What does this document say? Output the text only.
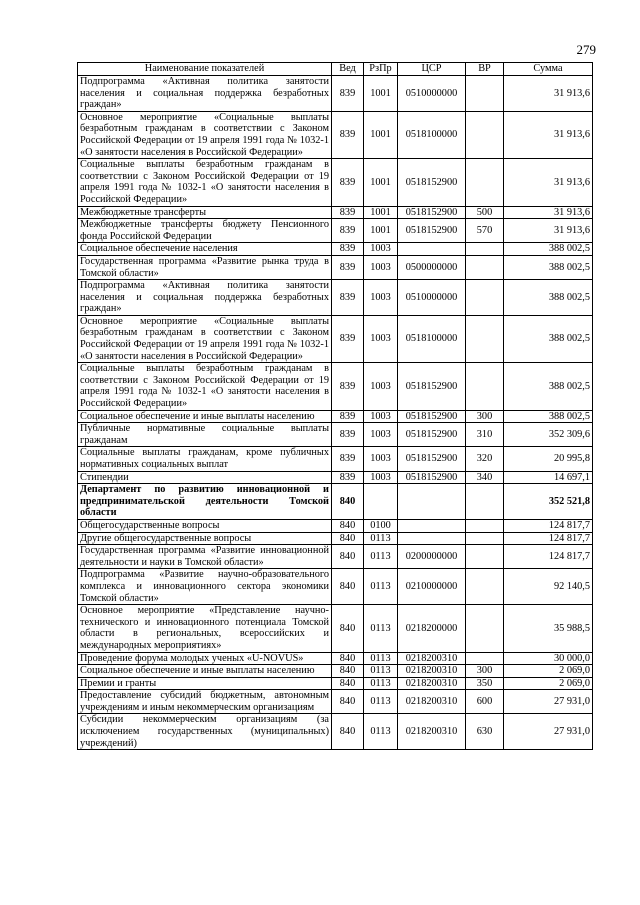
279
Наименование показателей	Вед	РзПр	ЦСР	ВР	Сумма
Подпрограмма «Активная политика занятости населения и социальная поддержка безработных граждан»	839	1001	0510000000		31 913,6
Основное мероприятие «Социальные выплаты безработным гражданам в соответствии с Законом Российской Федерации от 19 апреля 1991 года № 1032-1 «О занятости населения в Российской Федерации»	839	1001	0518100000		31 913,6
Социальные выплаты безработным гражданам в соответствии с Законом Российской Федерации от 19 апреля 1991 года № 1032-1 «О занятости населения в Российской Федерации»	839	1001	0518152900		31 913,6
Межбюджетные трансферты	839	1001	0518152900	500	31 913,6
Межбюджетные трансферты бюджету Пенсионного фонда Российской Федерации	839	1001	0518152900	570	31 913,6
Социальное обеспечение населения	839	1003			388 002,5
Государственная программа «Развитие рынка труда в Томской области»	839	1003	0500000000		388 002,5
Подпрограмма «Активная политика занятости населения и социальная поддержка безработных граждан»	839	1003	0510000000		388 002,5
Основное мероприятие «Социальные выплаты безработным гражданам в соответствии с Законом Российской Федерации от 19 апреля 1991 года № 1032-1 «О занятости населения в Российской Федерации»	839	1003	0518100000		388 002,5
Социальные выплаты безработным гражданам в соответствии с Законом Российской Федерации от 19 апреля 1991 года № 1032-1 «О занятости населения в Российской Федерации»	839	1003	0518152900		388 002,5
Социальное обеспечение и иные выплаты населению	839	1003	0518152900	300	388 002,5
Публичные нормативные социальные выплаты гражданам	839	1003	0518152900	310	352 309,6
Социальные выплаты гражданам, кроме публичных нормативных социальных выплат	839	1003	0518152900	320	20 995,8
Стипендии	839	1003	0518152900	340	14 697,1
Департамент по развитию инновационной и предпринимательской деятельности Томской области	840				352 521,8
Общегосударственные вопросы	840	0100			124 817,7
Другие общегосударственные вопросы	840	0113			124 817,7
Государственная программа «Развитие инновационной деятельности и науки в Томской области»	840	0113	0200000000		124 817,7
Подпрограмма «Развитие научно-образовательного комплекса и инновационного сектора экономики Томской области»	840	0113	0210000000		92 140,5
Основное мероприятие «Представление научно-технического и инновационного потенциала Томской области в региональных, всероссийских и международных мероприятиях»	840	0113	0218200000		35 988,5
Проведение форума молодых ученых «U-NOVUS»	840	0113	0218200310		30 000,0
Социальное обеспечение и иные выплаты населению	840	0113	0218200310	300	2 069,0
Премии и гранты	840	0113	0218200310	350	2 069,0
Предоставление субсидий бюджетным, автономным учреждениям и иным некоммерческим организациям	840	0113	0218200310	600	27 931,0
Субсидии некоммерческим организациям (за исключением государственных (муниципальных) учреждений)	840	0113	0218200310	630	27 931,0
